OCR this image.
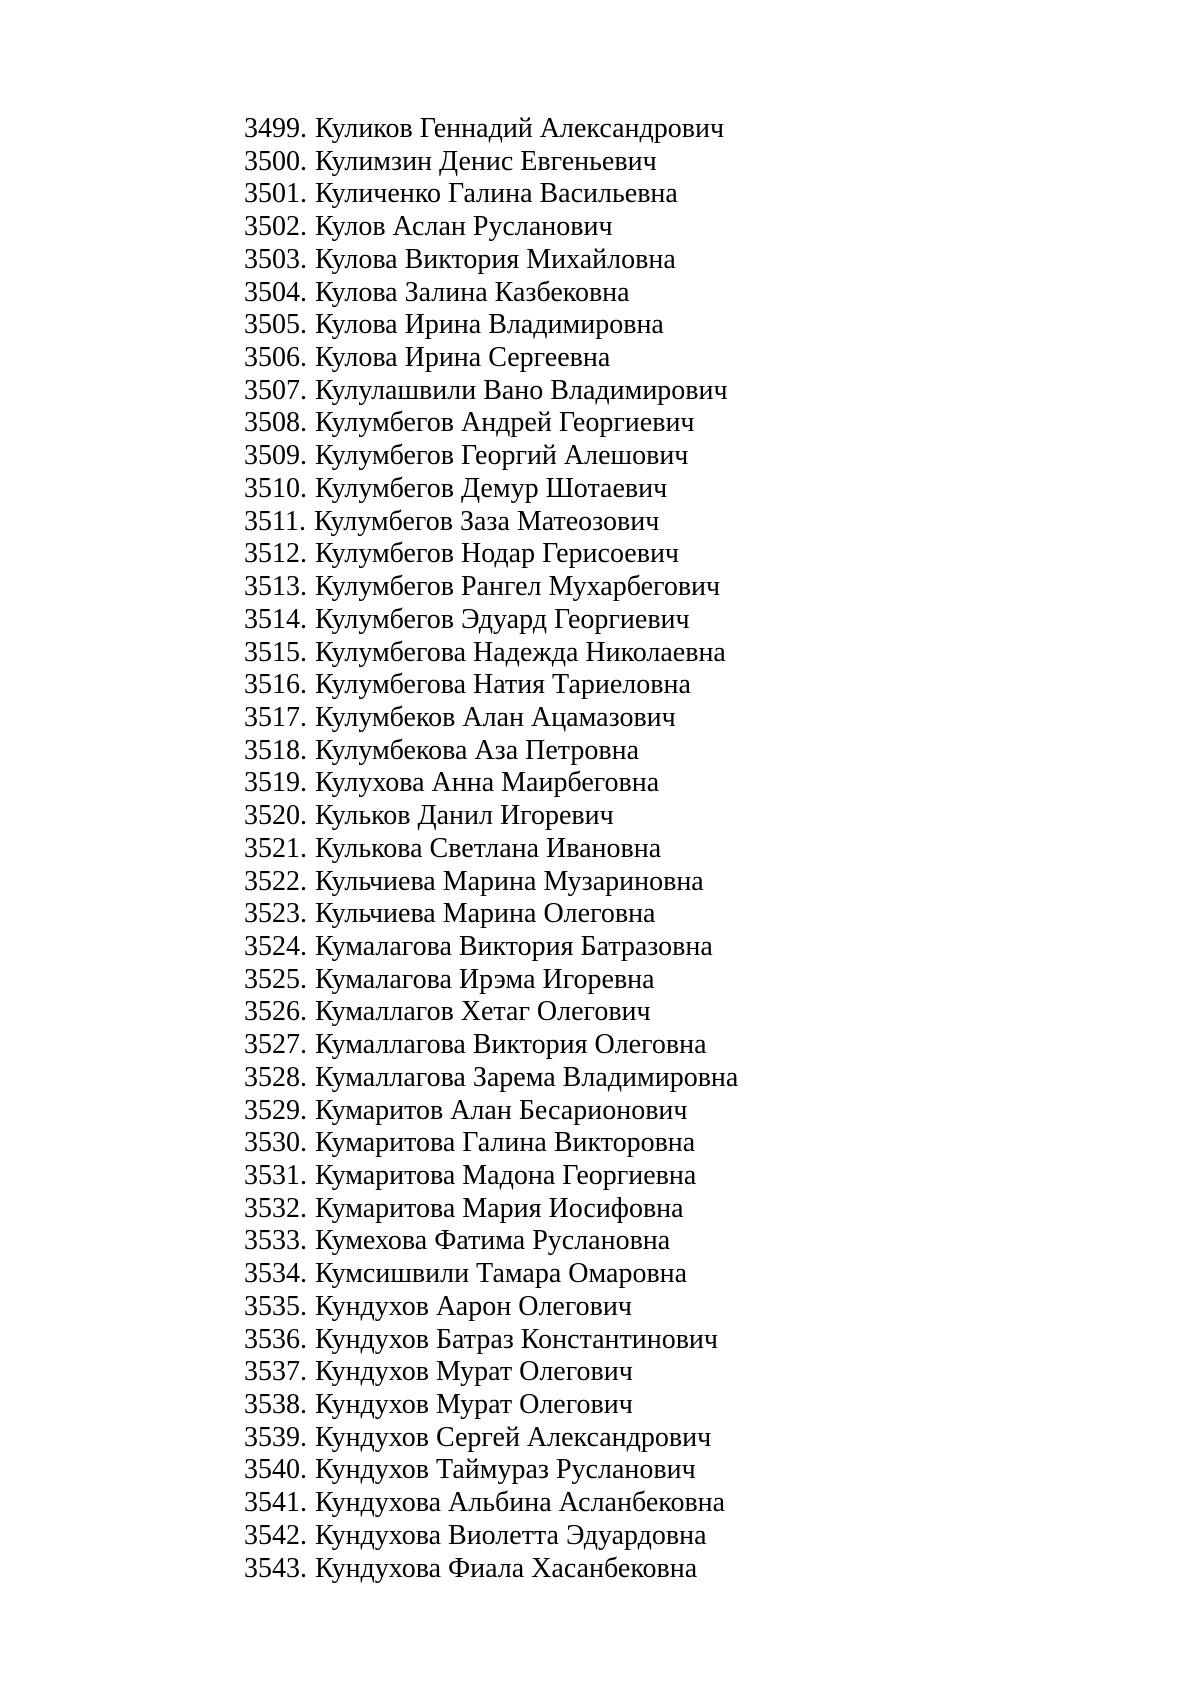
3499. Куликов Геннадий Александрович
3500. Кулимзин Денис Евгеньевич
3501. Куличенко Галина Васильевна
3502. Кулов Аслан Русланович
3503. Кулова Виктория Михайловна
3504. Кулова Залина Казбековна
3505. Кулова Ирина Владимировна
3506. Кулова Ирина Сергеевна
3507. Кулулашвили Вано Владимирович
3508. Кулумбегов Андрей Георгиевич
3509. Кулумбегов Георгий Алешович
3510. Кулумбегов Демур Шотаевич
3511. Кулумбегов Заза Матеозович
3512. Кулумбегов Нодар Герисоевич
3513. Кулумбегов Рангел Мухарбегович
3514. Кулумбегов Эдуард Георгиевич
3515. Кулумбегова Надежда Николаевна
3516. Кулумбегова Натия Тариеловна
3517. Кулумбеков Алан Ацамазович
3518. Кулумбекова Аза Петровна
3519. Кулухова Анна Маирбеговна
3520. Кульков Данил Игоревич
3521. Кулькова Светлана Ивановна
3522. Кульчиева Марина Музариновна
3523. Кульчиева Марина Олеговна
3524. Кумалагова Виктория Батразовна
3525. Кумалагова Ирэма Игоревна
3526. Кумаллагов Хетаг Олегович
3527. Кумаллагова Виктория Олеговна
3528. Кумаллагова Зарема Владимировна
3529. Кумаритов Алан Бесарионович
3530. Кумаритова Галина Викторовна
3531. Кумаритова Мадона Георгиевна
3532. Кумаритова Мария Иосифовна
3533. Кумехова Фатима Руслановна
3534. Кумсишвили Тамара Омаровна
3535. Кундухов Аарон Олегович
3536. Кундухов Батраз Константинович
3537. Кундухов Мурат Олегович
3538. Кундухов Мурат Олегович
3539. Кундухов Сергей Александрович
3540. Кундухов Таймураз Русланович
3541. Кундухова Альбина Асланбековна
3542. Кундухова Виолетта Эдуардовна
3543. Кундухова Фиала Хасанбековна
